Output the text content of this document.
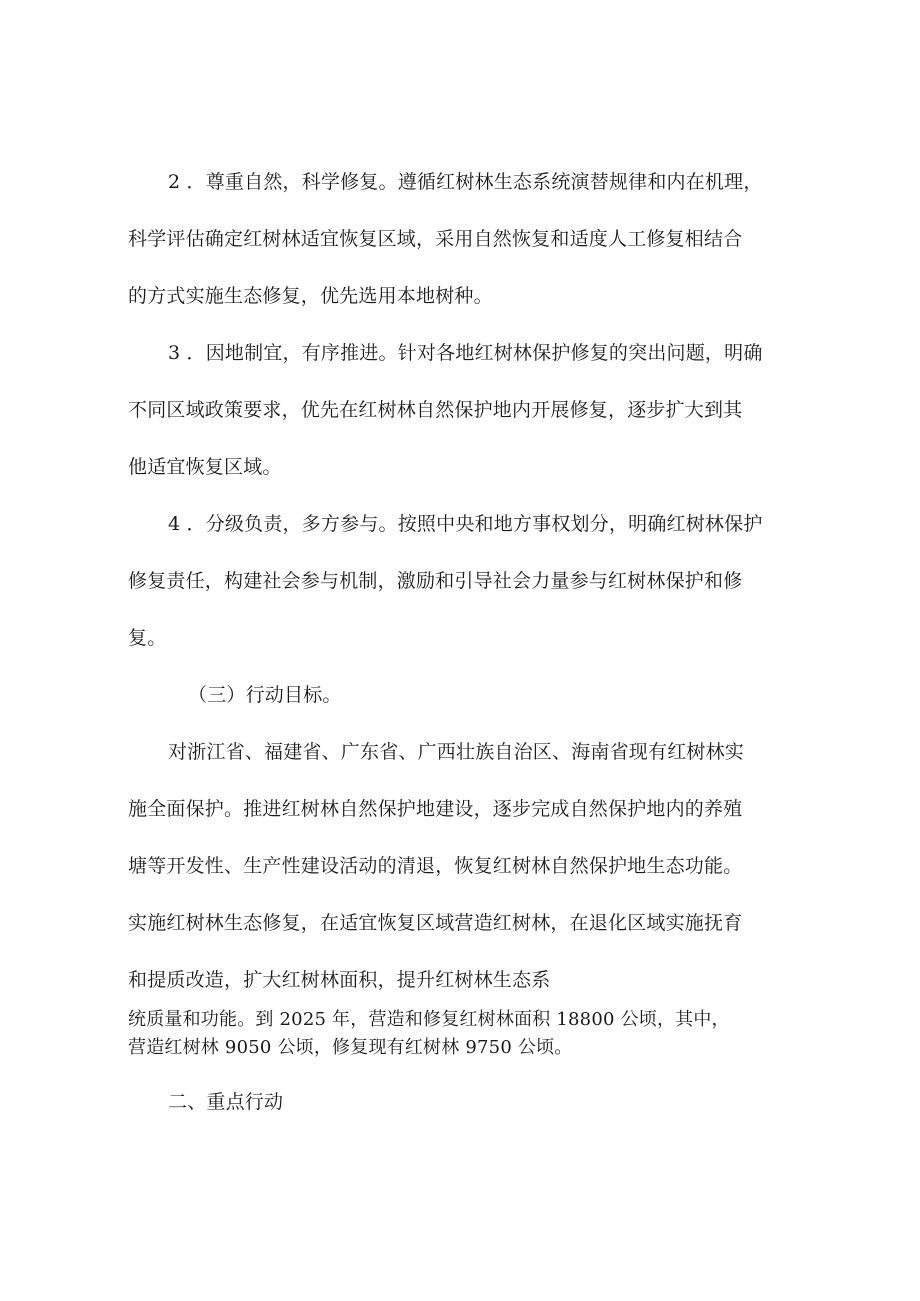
2 ．尊重自然，科学修复。遵循红树林生态系统演替规律和内在机理，
科学评估确定红树林适宜恢复区域，采用自然恢复和适度人工修复相结合
的方式实施生态修复，优先选用本地树种。
3 ．因地制宜，有序推进。针对各地红树林保护修复的突出问题，明确
不同区域政策要求，优先在红树林自然保护地内开展修复，逐步扩大到其
他适宜恢复区域。
4 ．分级负责，多方参与。按照中央和地方事权划分，明确红树林保护
修复责任，构建社会参与机制，激励和引导社会力量参与红树林保护和修
复。
（三）行动目标。
对浙江省、福建省、广东省、广西壮族自治区、海南省现有红树林实
施全面保护。推进红树林自然保护地建设，逐步完成自然保护地内的养殖
塘等开发性、生产性建设活动的清退，恢复红树林自然保护地生态功能。
实施红树林生态修复，在适宜恢复区域营造红树林，在退化区域实施抚育
和提质改造，扩大红树林面积，提升红树林生态系
统质量和功能。到 2025 年，营造和修复红树林面积 18800 公顷，其中，
营造红树林 9050 公顷，修复现有红树林 9750 公顷。
二、重点行动
